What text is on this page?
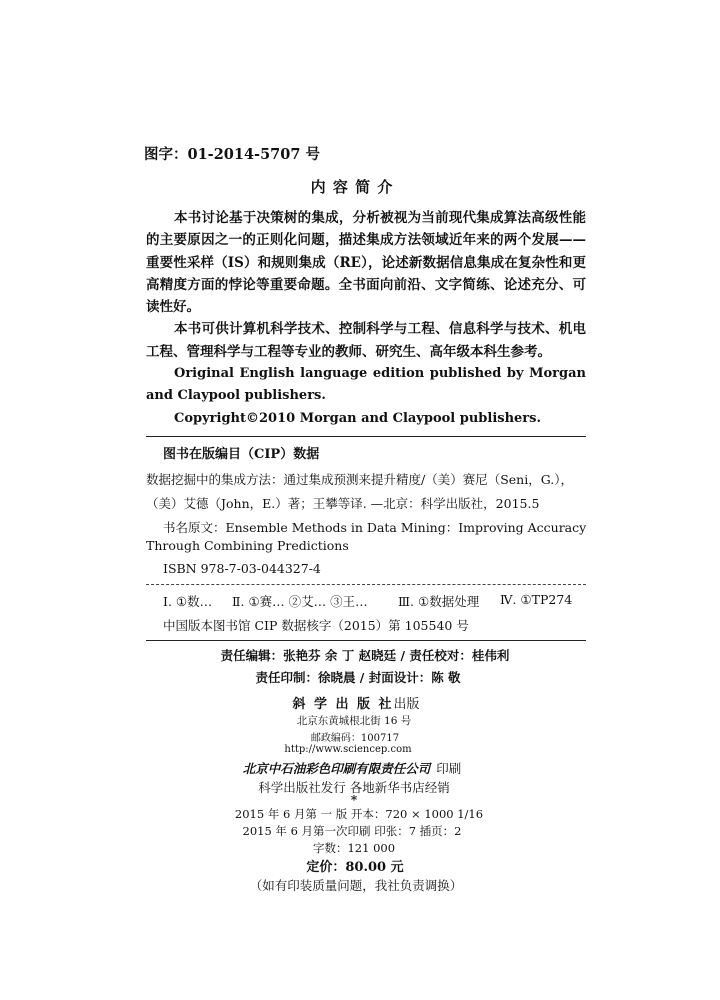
图字：01-2014-5707 号
内 容 简 介

本书讨论基于决策树的集成，分析被视为当前现代集成算法高级性能的主要原因之一的正则化问题，描述集成方法领域近年来的两个发展——重要性采样（IS）和规则集成（RE），论述新数据信息集成在复杂性和更高精度方面的悖论等重要命题。全书面向前沿、文字简练、论述充分、可读性好。

本书可供计算机科学技术、控制科学与工程、信息科学与技术、机电工程、管理科学与工程等专业的教师、研究生、高年级本科生参考。

Original English language edition published by Morgan and Claypool publishers.

Copyright©2010 Morgan and Claypool publishers.

图书在版编目（CIP）数据
数据挖掘中的集成方法：通过集成预测来提升精度/（美）赛尼（Seni，G.），
（美）艾德（John，E.）著；王攀等译. —北京：科学出版社，2015.5
书名原文：Ensemble Methods in Data Mining：Improving Accuracy
Through Combining Predictions
ISBN 978-7-03-044327-4
Ⅰ. ①数… Ⅱ. ①赛… ②艾… ③王… Ⅲ. ①数据处理 Ⅳ. ①TP274
中国版本图书馆 CIP 数据核字（2015）第 105540 号
责任编辑：张艳芬 余 丁 赵晓廷 / 责任校对：桂伟利
责任印制：徐晓晨 / 封面设计：陈 敬
斜 学 出 版 社出版
北京东黄城根北街 16 号
邮政编码：100717
http://www.sciencep.com
北京中石油彩色印刷有限责任公司 印刷
科学出版社发行 各地新华书店经销
*
2015 年 6 月第 一 版 开本：720 × 1000 1/16
2015 年 6 月第一次印刷 印张：7 插页：2
字数：121 000
定价：80.00 元
（如有印装质量问题，我社负责调换）
